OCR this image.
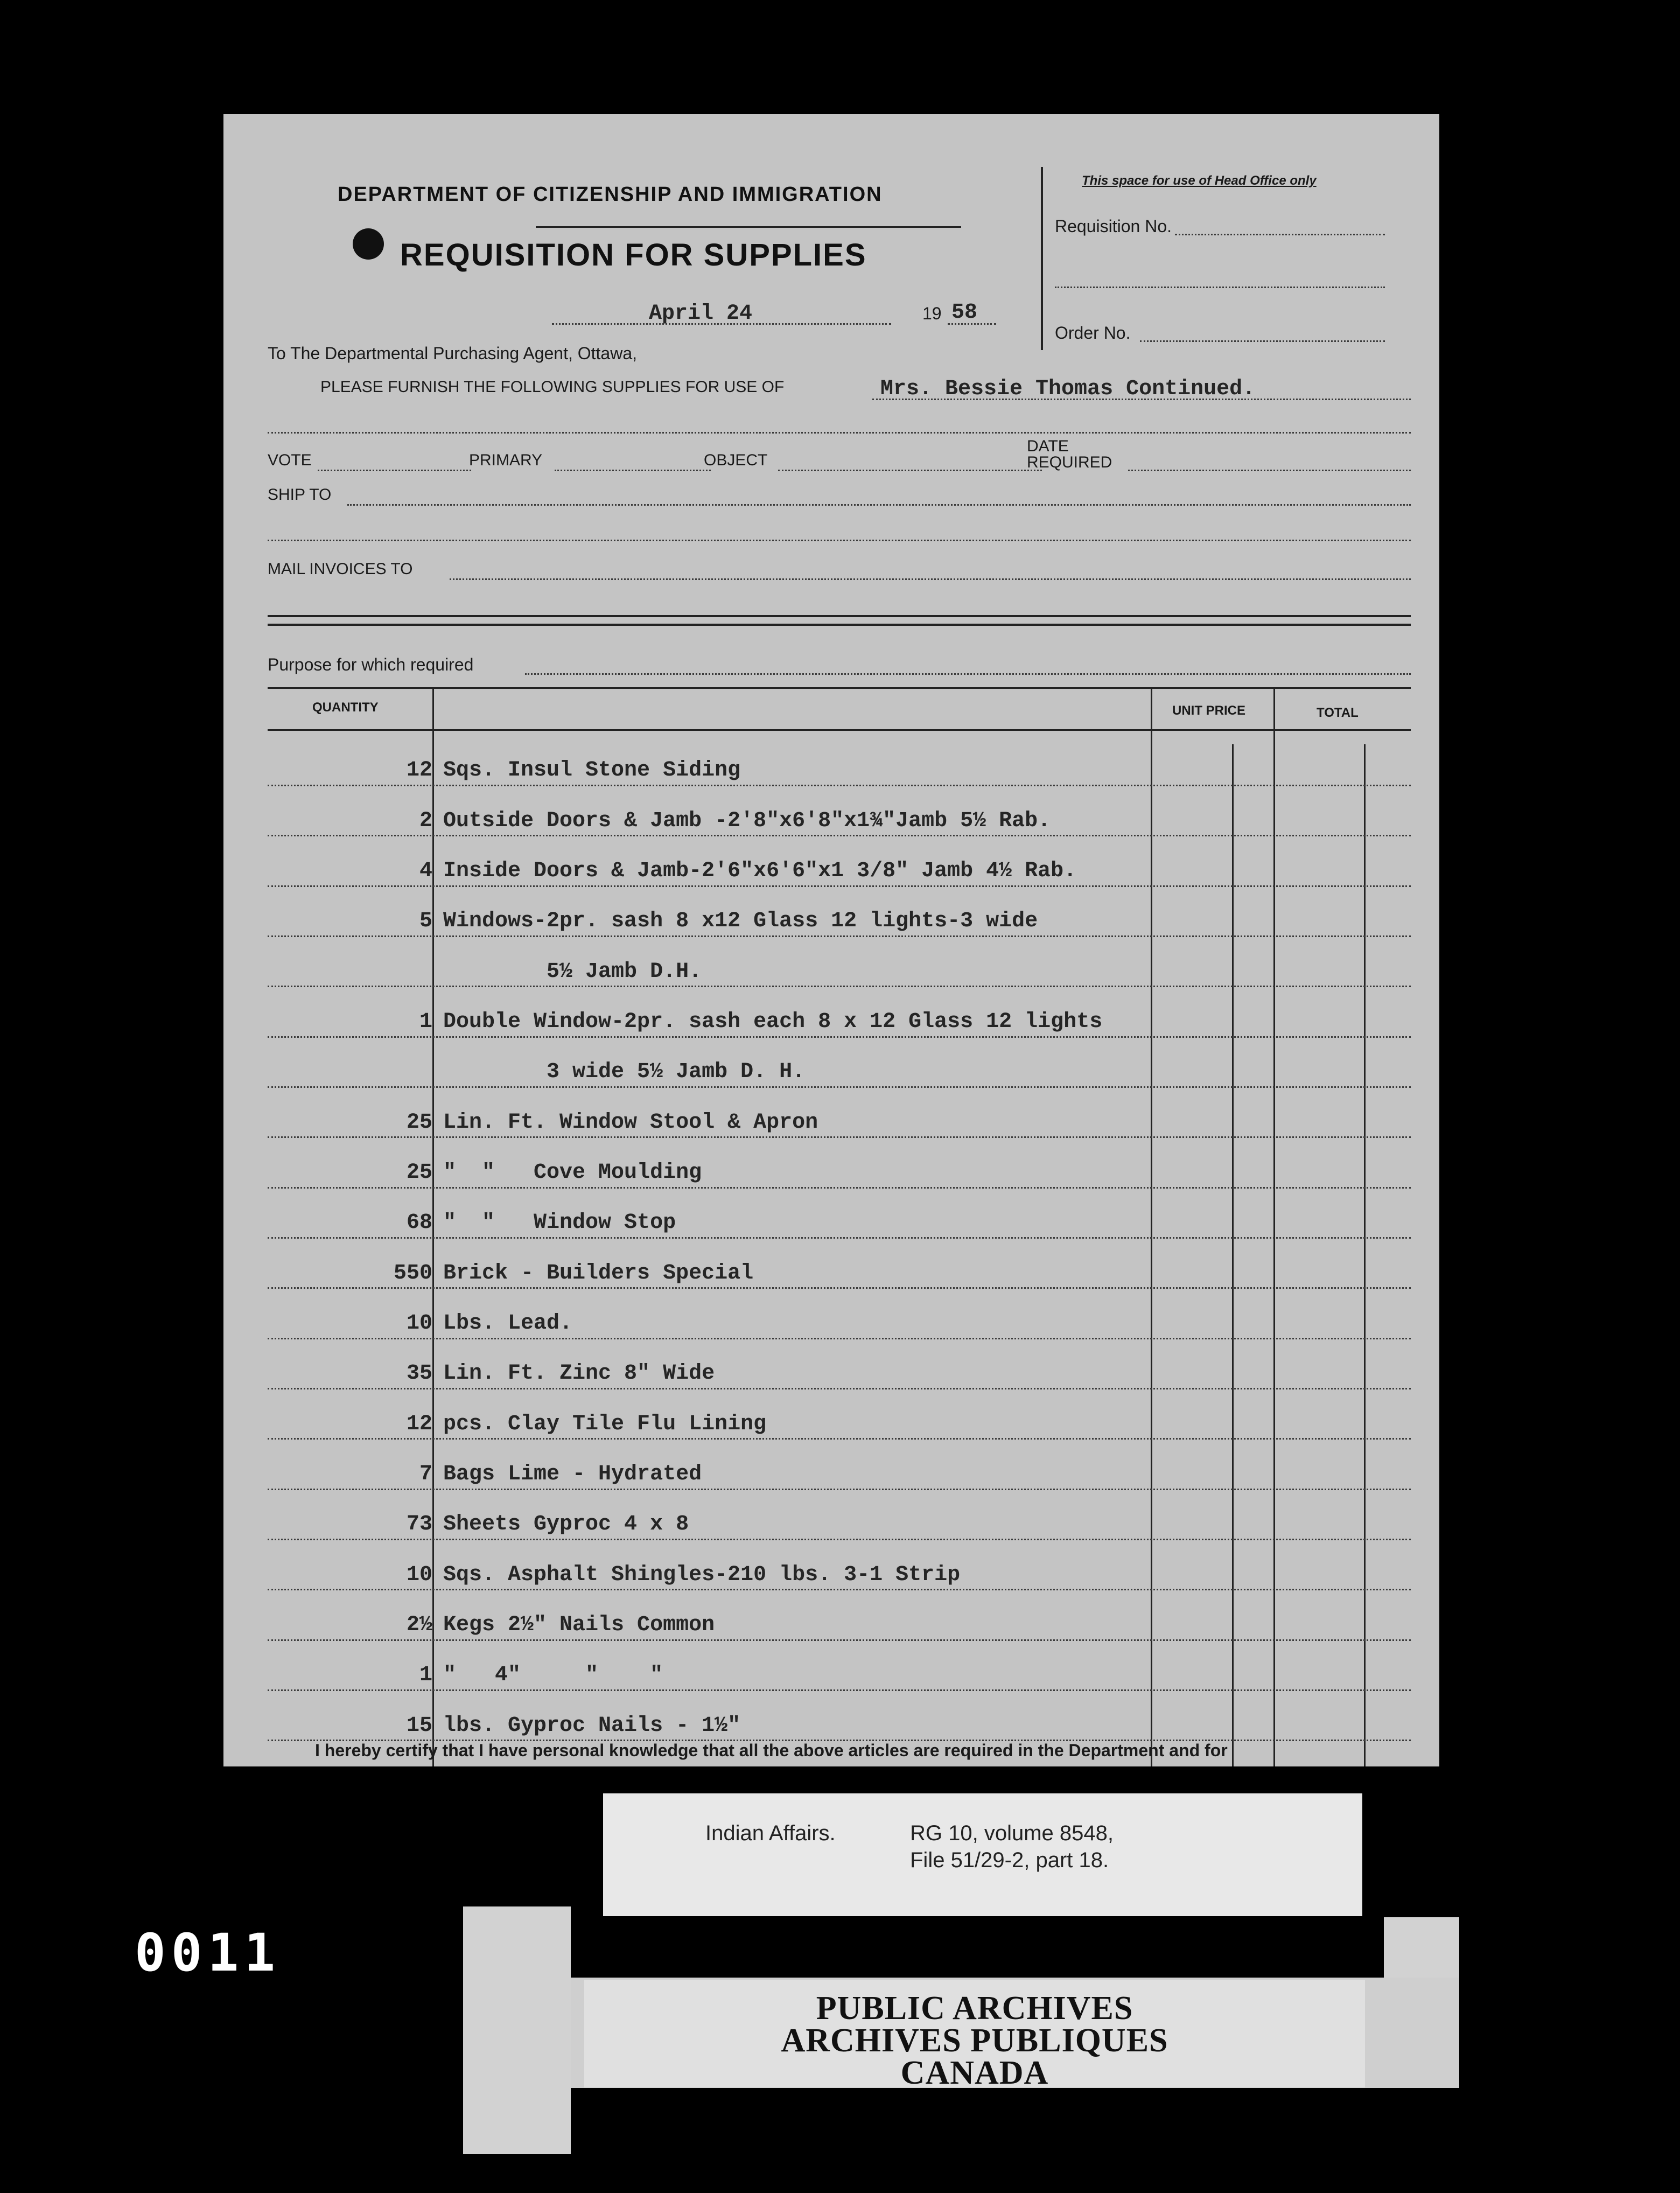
DEPARTMENT OF CITIZENSHIP AND IMMIGRATION
REQUISITION FOR SUPPLIES
This space for use of Head Office only
Requisition No.
Order No.
April 24	19 58
To The Departmental Purchasing Agent, Ottawa,
PLEASE FURNISH THE FOLLOWING SUPPLIES FOR USE OF	Mrs. Bessie Thomas Continued.
VOTE	PRIMARY	OBJECT
DATE
REQUIRED
SHIP TO
MAIL INVOICES TO
Purpose for which required
QUANTITY	UNIT PRICE	TOTAL
12 Sqs. Insul Stone Siding
2 Outside Doors & Jamb -2'8"x6'8"x1¾"Jamb 5½ Rab.
4 Inside Doors & Jamb-2'6"x6'6"x1 3/8" Jamb 4½ Rab.
5 Windows-2pr. sash 8 x12 Glass 12 lights-3 wide
5½ Jamb D.H.
1 Double Window-2pr. sash each 8 x 12 Glass 12 lights
3 wide 5½ Jamb D. H.
25 Lin. Ft. Window Stool & Apron
25 "  "   Cove Moulding
68 "  "   Window Stop
550 Brick - Builders Special
10 Lbs. Lead.
35 Lin. Ft. Zinc 8" Wide
12 pcs. Clay Tile Flu Lining
7 Bags Lime - Hydrated
73 Sheets Gyproc 4 x 8
10 Sqs. Asphalt Shingles-210 lbs. 3-1 Strip
2½ Kegs 2½" Nails Common
1 "   4"     "    "
15 lbs. Gyproc Nails - 1½"
I hereby certify that I have personal knowledge that all the above articles are required in the Department and for
Indian Affairs.	RG 10, volume 8548,
File 51/29-2, part 18.
PUBLIC ARCHIVES
ARCHIVES PUBLIQUES
CANADA
0011
